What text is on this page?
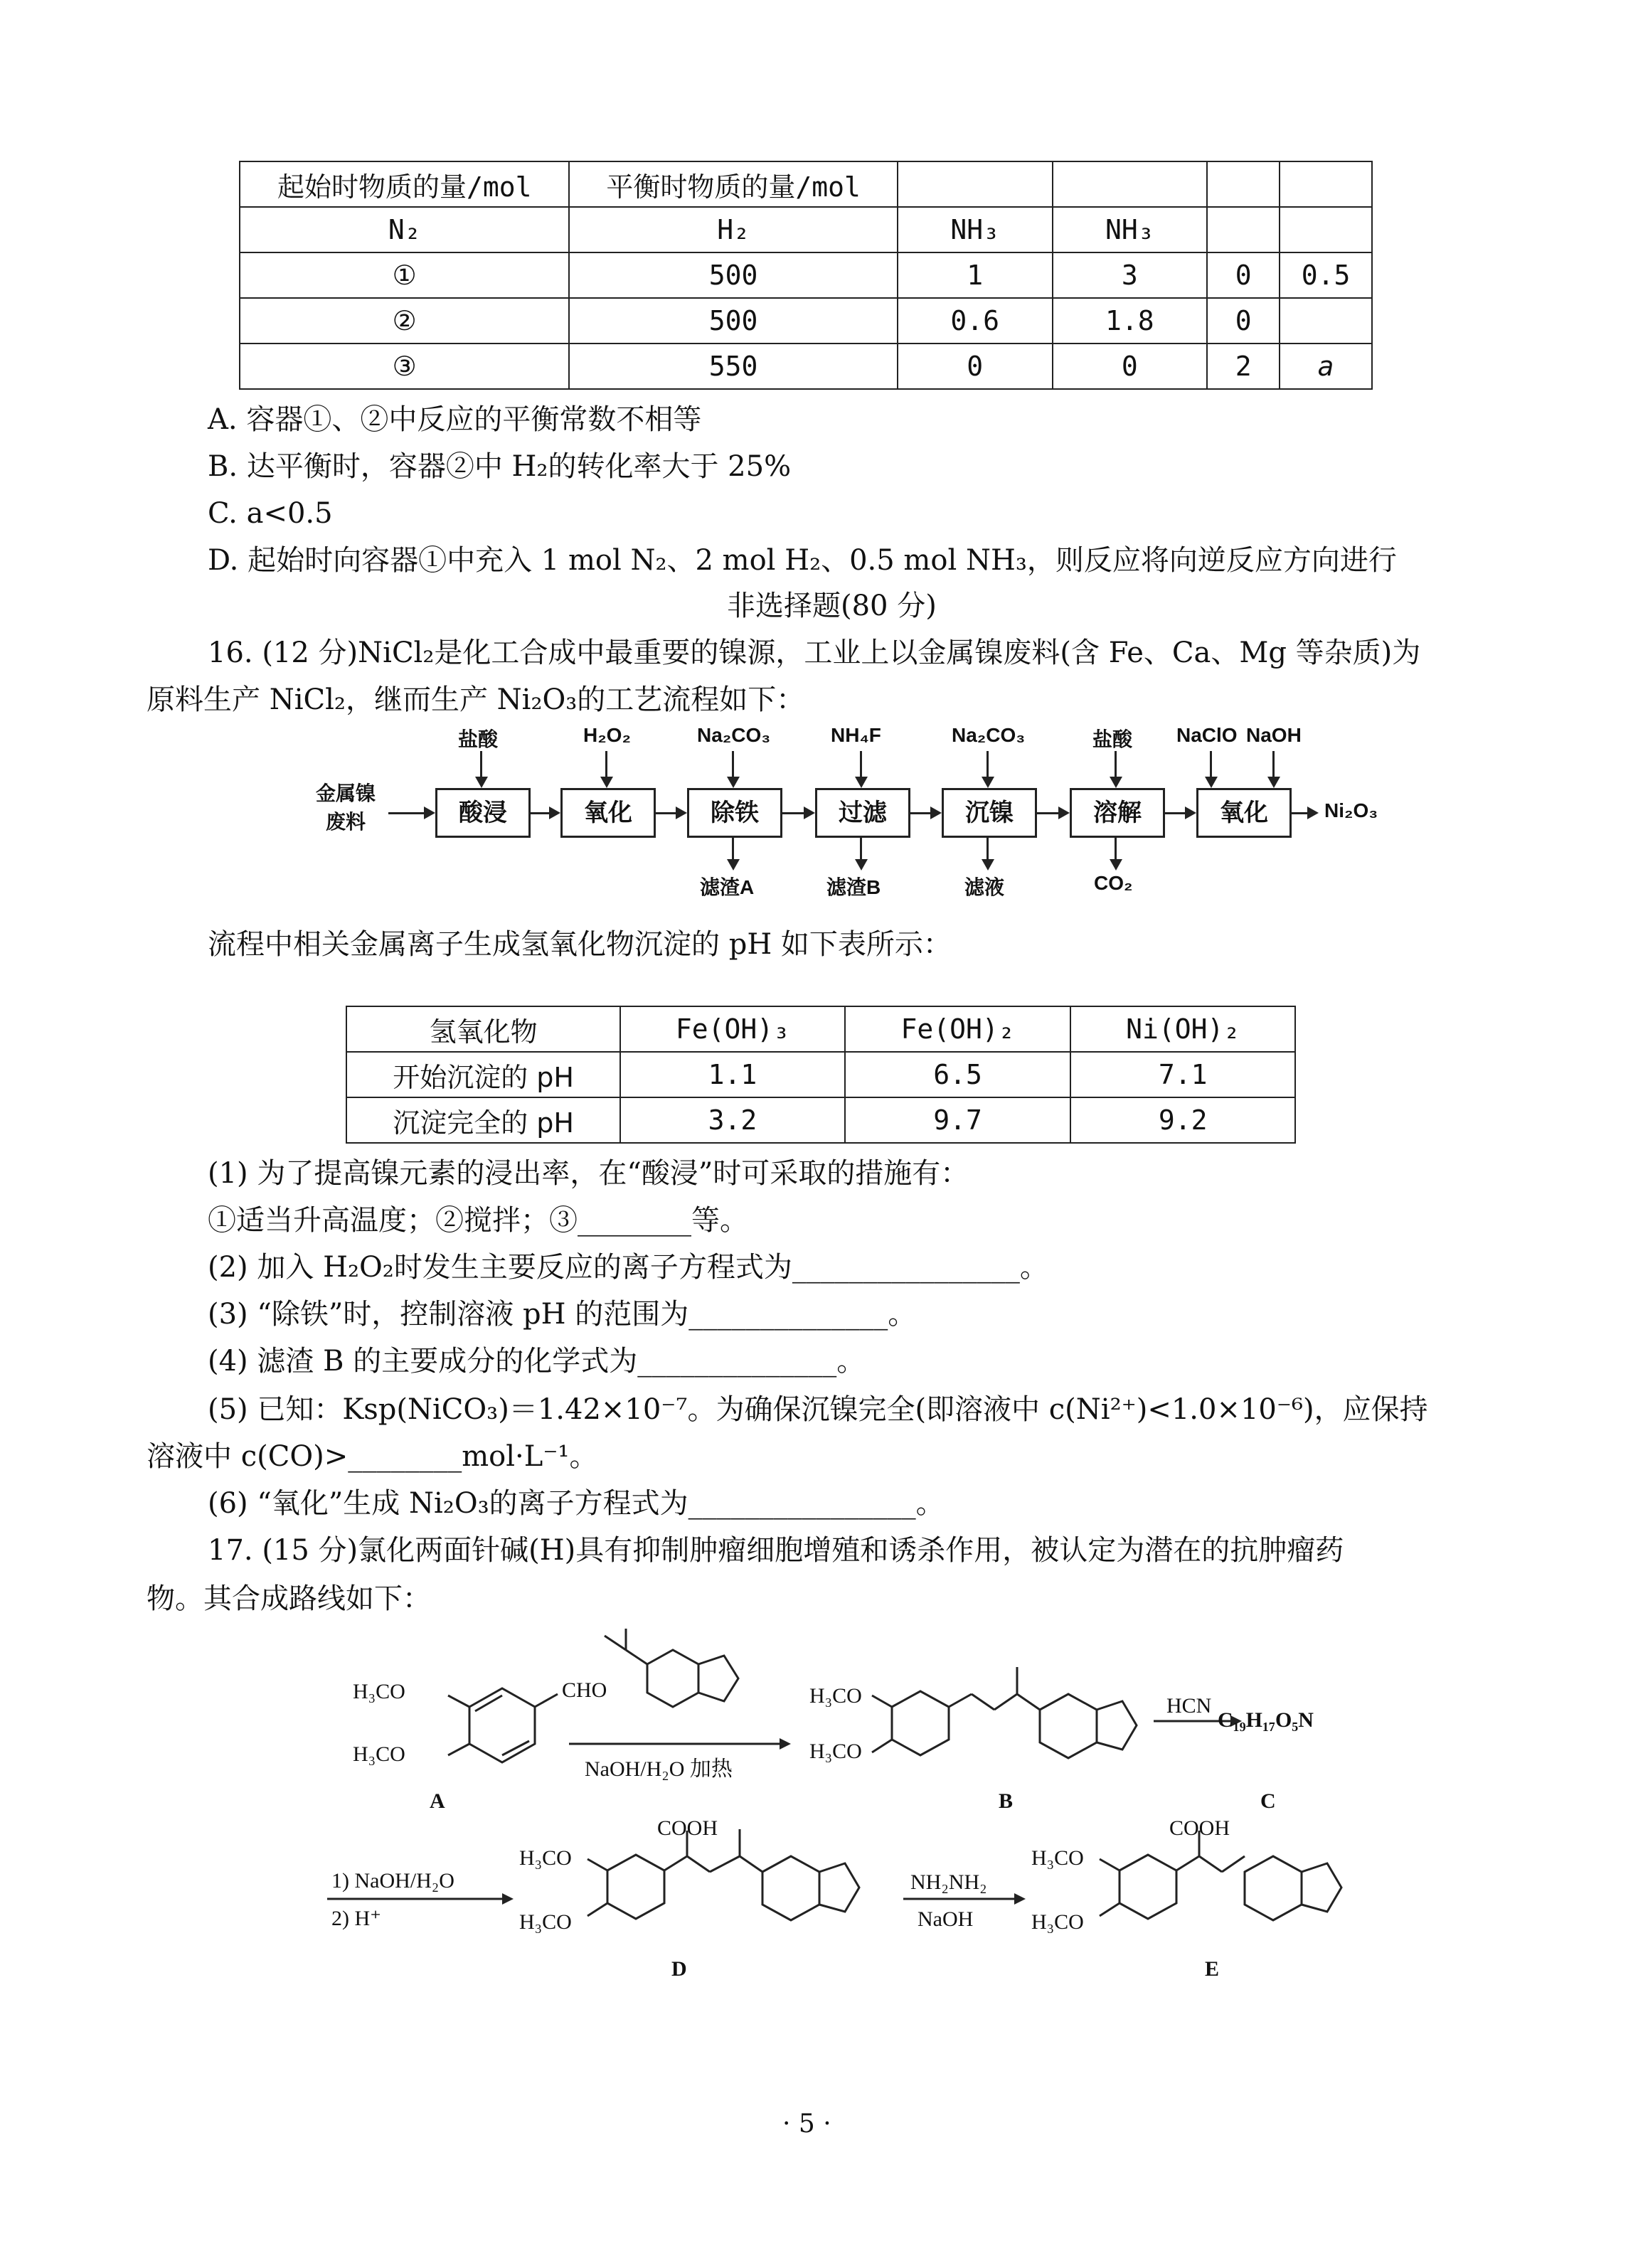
起始时物质的量/mol	平衡时物质的量/mol				
N₂	H₂	NH₃	NH₃		
①	500	1	3	0	0.5
②	500	0.6	1.8	0	
③	550	0	0	2	a
A. 容器①、②中反应的平衡常数不相等
B. 达平衡时，容器②中 H₂的转化率大于 25%
C. a<0.5
D. 起始时向容器①中充入 1 mol N₂、2 mol H₂、0.5 mol NH₃，则反应将向逆反应方向进行
非选择题(80 分)
16. (12 分)NiCl₂是化工合成中最重要的镍源，工业上以金属镍废料(含 Fe、Ca、Mg 等杂质)为
原料生产 NiCl₂，继而生产 Ni₂O₃的工艺流程如下：
金属镍
废料	酸浸	氧化	除铁	过滤	沉镍	溶解	氧化	Ni₂O₃
盐酸	H₂O₂	Na₂CO₃	NH₄F	Na₂CO₃	盐酸 NaClO NaOH
滤渣A	滤渣B	滤液	CO₂
流程中相关金属离子生成氢氧化物沉淀的 pH 如下表所示：
氢氧化物	Fe(OH)₃	Fe(OH)₂	Ni(OH)₂
开始沉淀的 pH	1.1	6.5	7.1
沉淀完全的 pH	3.2	9.7	9.2
(1) 为了提高镍元素的浸出率，在“酸浸”时可采取的措施有：
①适当升高温度；②搅拌；③________等。
(2) 加入 H₂O₂时发生主要反应的离子方程式为________________。
(3) “除铁”时，控制溶液 pH 的范围为______________。
(4) 滤渣 B 的主要成分的化学式为______________。
(5) 已知：Ksp(NiCO₃)＝1.42×10⁻⁷。为确保沉镍完全(即溶液中 c(Ni²⁺)<1.0×10⁻⁶)，应保持
溶液中 c(CO)>________mol·L⁻¹。
(6) “氧化”生成 Ni₂O₃的离子方程式为________________。
17. (15 分)氯化两面针碱(H)具有抑制肿瘤细胞增殖和诱杀作用，被认定为潜在的抗肿瘤药
物。其合成路线如下：
H₃CO
H₃CO
CHO
A
NaOH/H₂O 加热
H₃CO
H₃CO
B
HCN
C₁₉H₁₇O₅N
C
1) NaOH/H₂O
2) H⁺
H₃CO
H₃CO
COOH
D
NH₂NH₂
NaOH
H₃CO
H₃CO
COOH
E
· 5 ·
